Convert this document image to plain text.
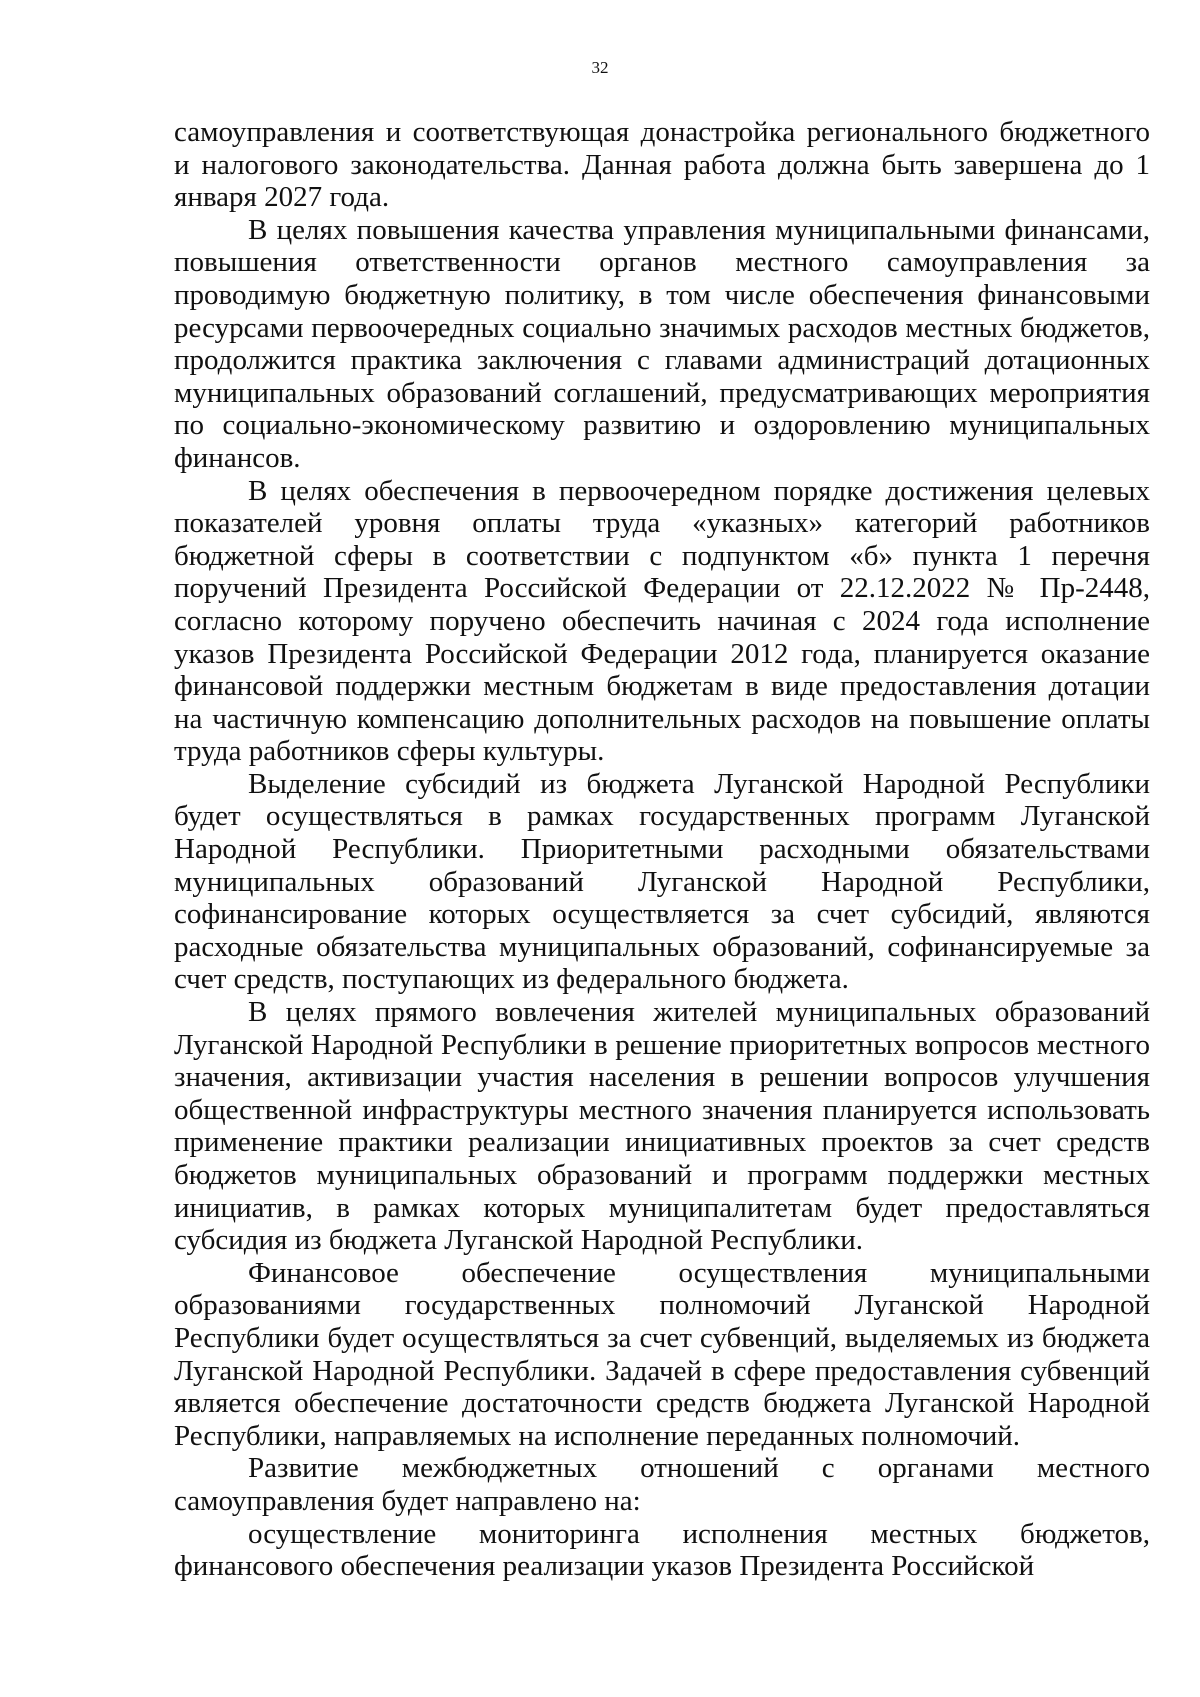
32

самоуправления и соответствующая донастройка регионального бюджетного и налогового законодательства. Данная работа должна быть завершена до 1 января 2027 года.

В целях повышения качества управления муниципальными финансами, повышения ответственности органов местного самоуправления за проводимую бюджетную политику, в том числе обеспечения финансовыми ресурсами первоочередных социально значимых расходов местных бюджетов, продолжится практика заключения с главами администраций дотационных муниципальных образований соглашений, предусматривающих мероприятия по социально-экономическому развитию и оздоровлению муниципальных финансов.

В целях обеспечения в первоочередном порядке достижения целевых показателей уровня оплаты труда «указных» категорий работников бюджетной сферы в соответствии с подпунктом «б» пункта 1 перечня поручений Президента Российской Федерации от 22.12.2022 № Пр-2448, согласно которому поручено обеспечить начиная с 2024 года исполнение указов Президента Российской Федерации 2012 года, планируется оказание финансовой поддержки местным бюджетам в виде предоставления дотации на частичную компенсацию дополнительных расходов на повышение оплаты труда работников сферы культуры.

Выделение субсидий из бюджета Луганской Народной Республики будет осуществляться в рамках государственных программ Луганской Народной Республики. Приоритетными расходными обязательствами муниципальных образований Луганской Народной Республики, софинансирование которых осуществляется за счет субсидий, являются расходные обязательства муниципальных образований, софинансируемые за счет средств, поступающих из федерального бюджета.

В целях прямого вовлечения жителей муниципальных образований Луганской Народной Республики в решение приоритетных вопросов местного значения, активизации участия населения в решении вопросов улучшения общественной инфраструктуры местного значения планируется использовать применение практики реализации инициативных проектов за счет средств бюджетов муниципальных образований и программ поддержки местных инициатив, в рамках которых муниципалитетам будет предоставляться субсидия из бюджета Луганской Народной Республики.

Финансовое обеспечение осуществления муниципальными образованиями государственных полномочий Луганской Народной Республики будет осуществляться за счет субвенций, выделяемых из бюджета Луганской Народной Республики. Задачей в сфере предоставления субвенций является обеспечение достаточности средств бюджета Луганской Народной Республики, направляемых на исполнение переданных полномочий.

Развитие межбюджетных отношений с органами местного самоуправления будет направлено на:

осуществление мониторинга исполнения местных бюджетов, финансового обеспечения реализации указов Президента Российской
